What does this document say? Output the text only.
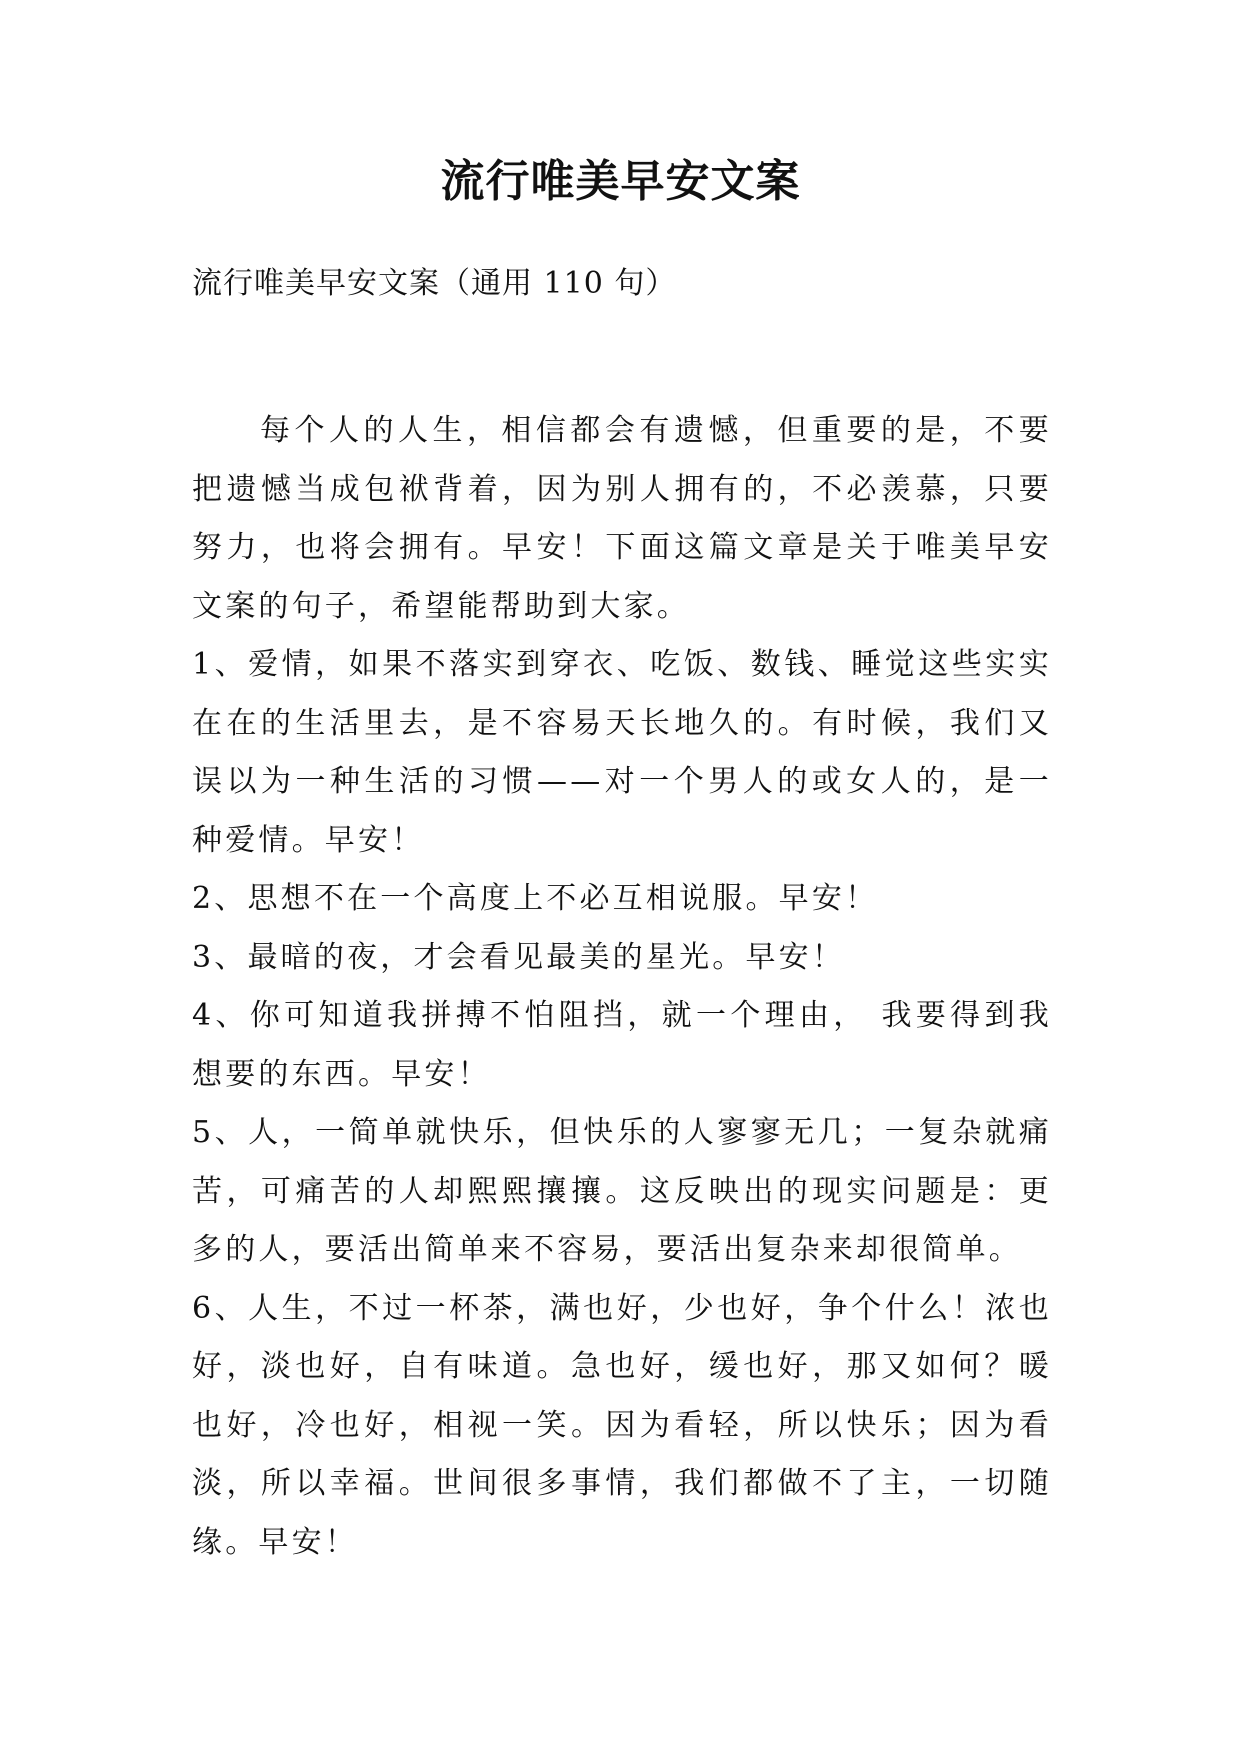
流行唯美早安文案
流行唯美早安文案（通用 110 句）

每个人的人生，相信都会有遗憾，但重要的是，不要把遗憾当成包袱背着，因为别人拥有的，不必羡慕，只要努力，也将会拥有。早安！下面这篇文章是关于唯美早安文案的句子，希望能帮助到大家。

1、爱情，如果不落实到穿衣、吃饭、数钱、睡觉这些实实在在的生活里去，是不容易天长地久的。有时候，我们又误以为一种生活的习惯——对一个男人的或女人的，是一种爱情。早安！

2、思想不在一个高度上不必互相说服。早安！

3、最暗的夜，才会看见最美的星光。早安！

4、你可知道我拼搏不怕阻挡，就一个理由， 我要得到我想要的东西。早安！

5、人，一简单就快乐，但快乐的人寥寥无几；一复杂就痛苦，可痛苦的人却熙熙攘攘。这反映出的现实问题是：更多的人，要活出简单来不容易，要活出复杂来却很简单。

6、人生，不过一杯茶，满也好，少也好，争个什么！浓也好，淡也好，自有味道。急也好，缓也好，那又如何？暖也好，冷也好，相视一笑。因为看轻，所以快乐；因为看淡，所以幸福。世间很多事情，我们都做不了主，一切随缘。早安！
